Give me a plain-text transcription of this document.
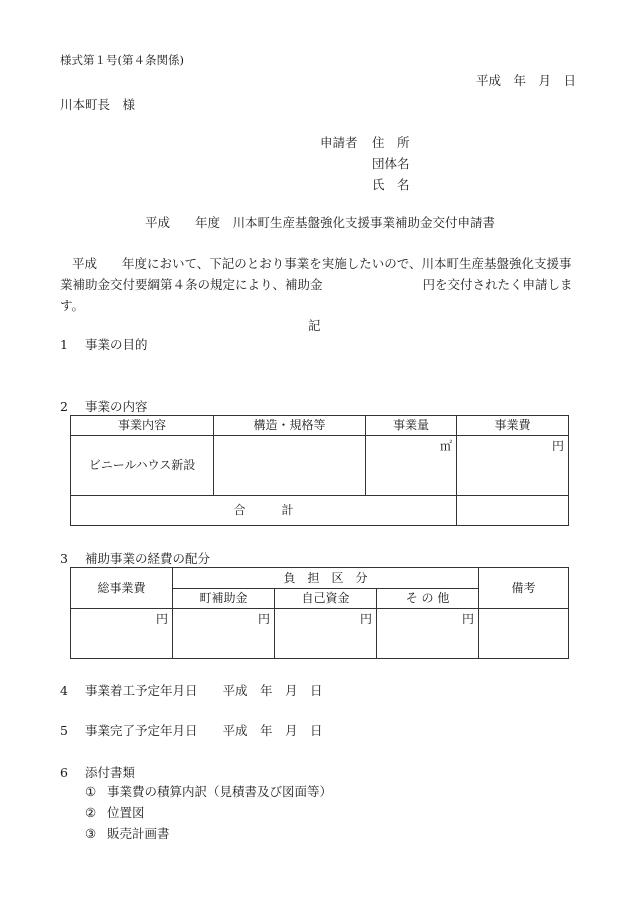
様式第１号(第４条関係)
平成　年　月　日
川本町長　様
申請者 住　所
団体名
氏　名
平成　　年度　川本町生産基盤強化支援事業補助金交付申請書
平成　　年度において、下記のとおり事業を実施したいので、川本町生産基盤強化支援事
業補助金交付要綱第４条の規定により、補助金　　　　　　　　円を交付されたく申請します。
記
1 事業の目的
2 事業の内容
事業内容	構造・規格等	事業量	事業費
ビニールハウス新設		㎡	円
合　　　計			
3 補助事業の経費の配分
総事業費	負　担　区　分			備考
	町補助金	自己資金	そ の 他	
円	円	円	円	
4 事業着工予定年月日　　平成　年　月　日
5 事業完了予定年月日　　平成　年　月　日
6 添付書類
① 事業費の積算内訳（見積書及び図面等）
② 位置図
③ 販売計画書
